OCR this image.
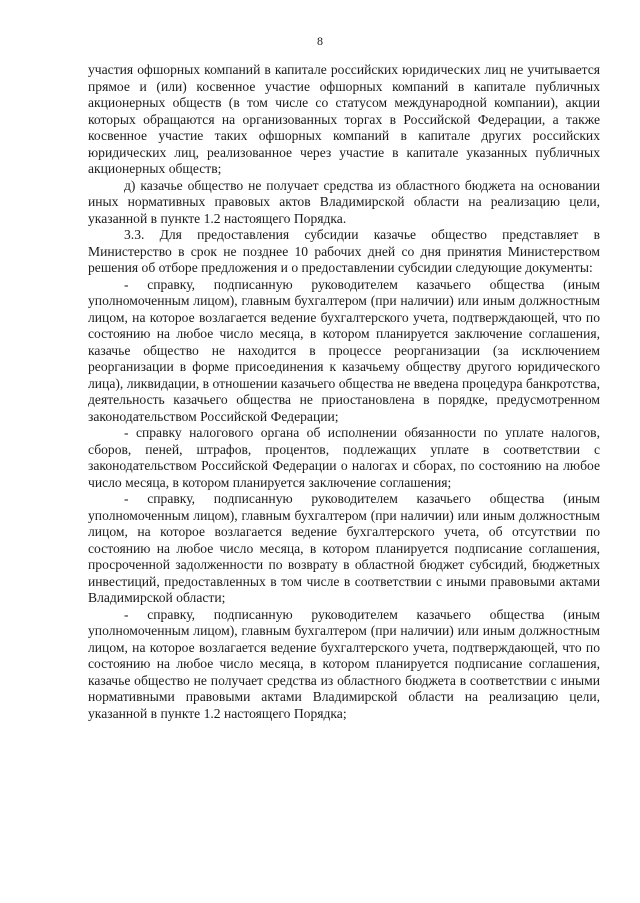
8

участия офшорных компаний в капитале российских юридических лиц не учитывается прямое и (или) косвенное участие офшорных компаний в капитале публичных акционерных обществ (в том числе со статусом международной компании), акции которых обращаются на организованных торгах в Российской Федерации, а также косвенное участие таких офшорных компаний в капитале других российских юридических лиц, реализованное через участие в капитале указанных публичных акционерных обществ;

д) казачье общество не получает средства из областного бюджета на основании иных нормативных правовых актов Владимирской области на реализацию цели, указанной в пункте 1.2 настоящего Порядка.

3.3. Для предоставления субсидии казачье общество представляет в Министерство в срок не позднее 10 рабочих дней со дня принятия Министерством решения об отборе предложения и о предоставлении субсидии следующие документы:

- справку, подписанную руководителем казачьего общества (иным уполномоченным лицом), главным бухгалтером (при наличии) или иным должностным лицом, на которое возлагается ведение бухгалтерского учета, подтверждающей, что по состоянию на любое число месяца, в котором планируется заключение соглашения, казачье общество не находится в процессе реорганизации (за исключением реорганизации в форме присоединения к казачьему обществу другого юридического лица), ликвидации, в отношении казачьего общества не введена процедура банкротства, деятельность казачьего общества не приостановлена в порядке, предусмотренном законодательством Российской Федерации;

- справку налогового органа об исполнении обязанности по уплате налогов, сборов, пеней, штрафов, процентов, подлежащих уплате в соответствии с законодательством Российской Федерации о налогах и сборах, по состоянию на любое число месяца, в котором планируется заключение соглашения;

- справку, подписанную руководителем казачьего общества (иным уполномоченным лицом), главным бухгалтером (при наличии) или иным должностным лицом, на которое возлагается ведение бухгалтерского учета, об отсутствии по состоянию на любое число месяца, в котором планируется подписание соглашения, просроченной задолженности по возврату в областной бюджет субсидий, бюджетных инвестиций, предоставленных в том числе в соответствии с иными правовыми актами Владимирской области;

- справку, подписанную руководителем казачьего общества (иным уполномоченным лицом), главным бухгалтером (при наличии) или иным должностным лицом, на которое возлагается ведение бухгалтерского учета, подтверждающей, что по состоянию на любое число месяца, в котором планируется подписание соглашения, казачье общество не получает средства из областного бюджета в соответствии с иными нормативными правовыми актами Владимирской области на реализацию цели, указанной в пункте 1.2 настоящего Порядка;
